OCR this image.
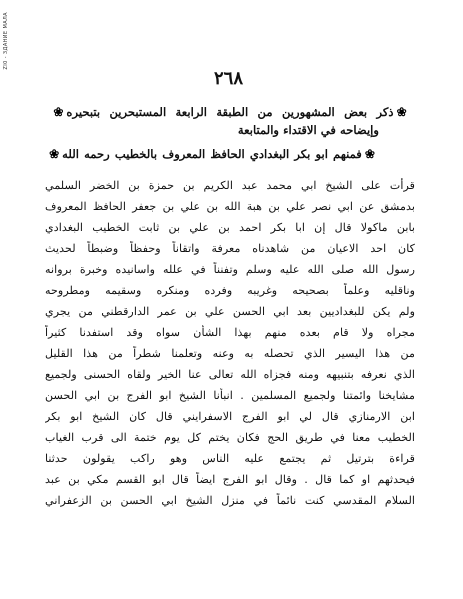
ZI0 - ЗДАНИЕ МАЛА
٢٦٨
❀ذكر بعض المشهورين من الطبقة الرابعة المستبحرين بتبحيره❀
وإيضاحه في الاقتداء والمتابعة
❀فمنهم ابو بكر البغدادي الحافظ المعروف بالخطيب رحمه الله❀
قرأت على الشيخ ابي محمد عبد الكريم بن حمزة بن الخضر السلمي
بدمشق عن ابي نصر علي بن هبة الله بن علي بن جعفر الحافظ المعروف
بابن ماكولا قال إن ابا بكر احمد بن علي بن ثابت الخطيب البغدادي
كان احد الاعيان من شاهدناه معرفة واتقاناً وحفظاً وضبطاً لحديث
رسول الله صلى الله عليه وسلم وتفنناً في علله واسانيده وخبرة بروانه
وناقليه وعلماً بصحيحه وغريبه وفرده ومنكره وسقيمه ومطروحه
ولم يكن للبغداديين بعد ابي الحسن علي بن عمر الدارقطني من يجري
مجراه ولا قام بعده منهم بهذا الشأن سواه وقد استفدنا كثيراً
من هذا اليسير الذي تحصله به وعنه وتعلمنا شطراً من هذا القليل
الذي نعرفه بتنبيهه ومنه فجزاه الله تعالى عنا الخير ولقاه الحسنى ولجميع
مشايخنا وائمتنا ولجميع المسلمين . انبأنا الشيخ ابو الفرج بن ابي الحسن
ابن الارمنازي قال لي ابو الفرج الاسفرايني قال كان الشيخ ابو بكر
الخطيب معنا في طريق الحج فكان يختم كل يوم ختمة الى قرب الغياب
قراءة بترتيل ثم يجتمع عليه الناس وهو راكب يقولون حدثنا
فيحدثهم او كما قال . وقال ابو الفرج ايضاً قال ابو القسم مكي بن عبد
السلام المقدسي كنت نائماً في منزل الشيخ ابي الحسن بن الزعفراني
